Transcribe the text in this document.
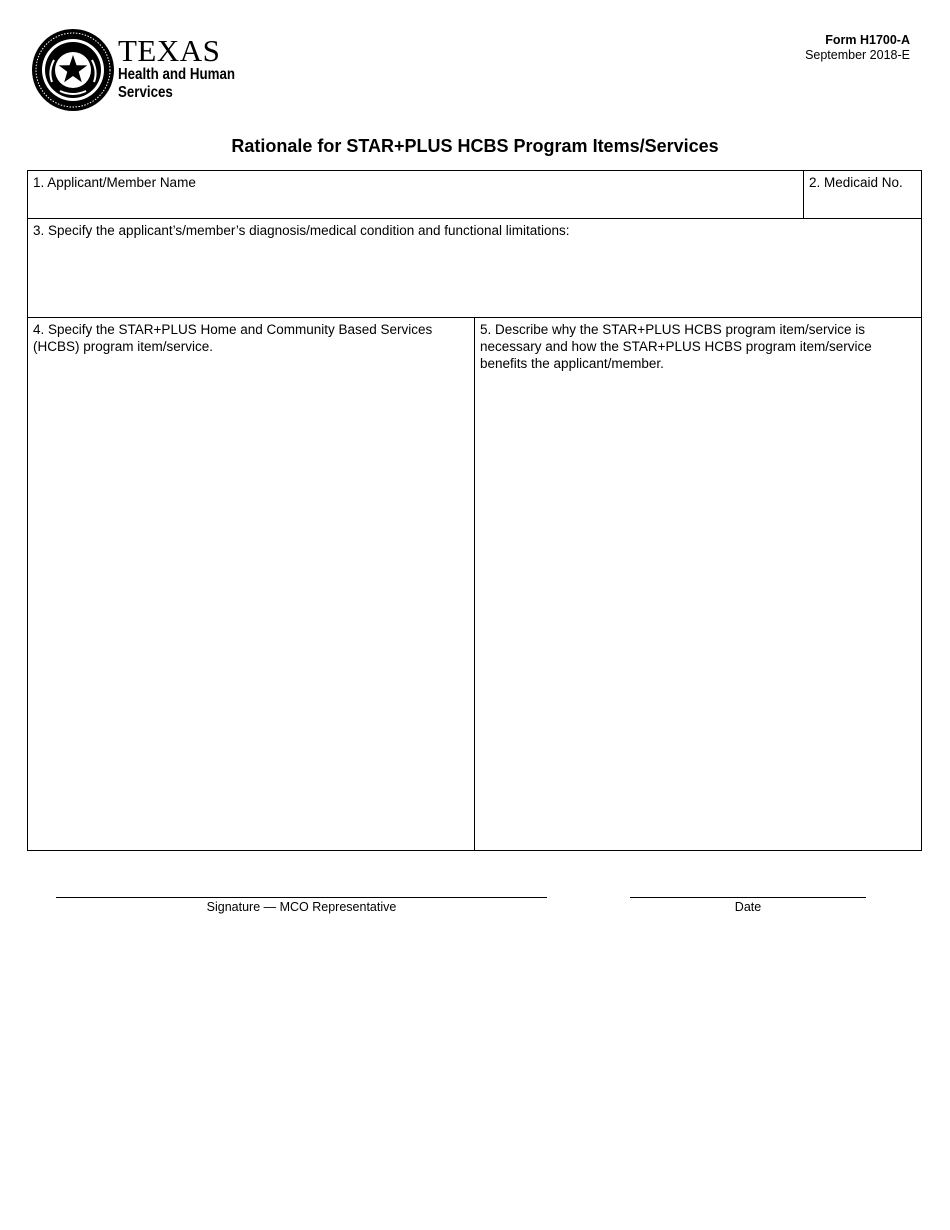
TEXAS
Health and Human
Services
Form H1700-A
September 2018-E
Rationale for STAR+PLUS HCBS Program Items/Services
1. Applicant/Member Name	2. Medicaid No.
3. Specify the applicant’s/member’s diagnosis/medical condition and functional limitations:
4. Specify the STAR+PLUS Home and Community Based Services (HCBS) program item/service.
5. Describe why the STAR+PLUS HCBS program item/service is necessary and how the STAR+PLUS HCBS program item/service benefits the applicant/member.
Signature — MCO Representative	Date
